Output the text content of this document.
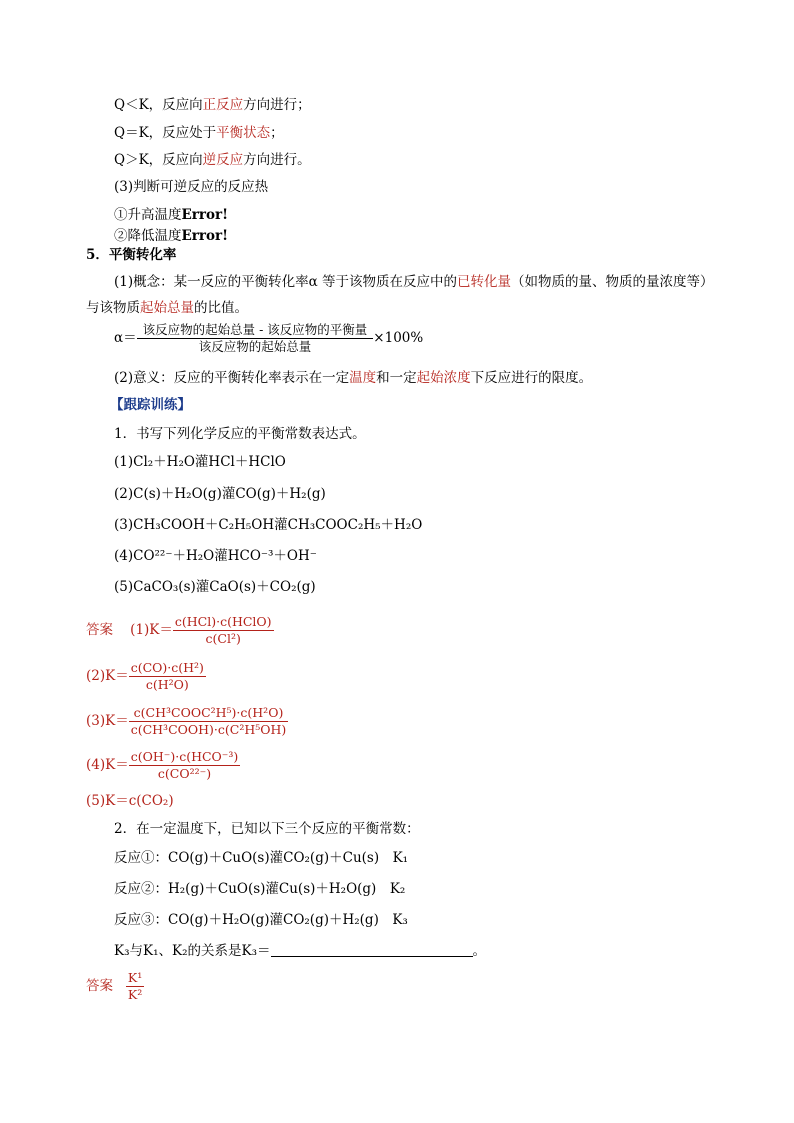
Q＜K，反应向正反应方向进行；
Q＝K，反应处于平衡状态；
Q＞K，反应向逆反应方向进行。
(3)判断可逆反应的反应热
①升高温度Error!
②降低温度Error!
5．平衡转化率
(1)概念：某一反应的平衡转化率α 等于该物质在反应中的已转化量（如物质的量、物质的量浓度等）
与该物质起始总量的比值。
$\alpha= \frac{\text{该反应物的起始总量 - 该反应物的平衡量}}{\text{该反应物的起始总量}} \times 100\%$
(2)意义：反应的平衡转化率表示在一定温度和一定起始浓度下反应进行的限度。
【跟踪训练】
1．书写下列化学反应的平衡常数表达式。
(1)Cl₂＋H₂O灌HCl＋HClO
(2)C(s)＋H₂O(g)灌CO(g)＋H₂(g)
(3)CH₃COOH＋C₂H₅OH灌CH₃COOC₂H₅＋H₂O
(4)CO²²⁻＋H₂O灌HCO⁻³＋OH⁻
(5)CaCO₃(s)灌CaO(s)＋CO₂(g)
答案 $(1)K= \frac{\text{c(HCl)·c(HClO)}}{\text{c(Cl²)}}$
$(2)K= \frac{\text{c(CO)·c(H²)}}{\text{c(H²O)}}$
$(3)K= \frac{\text{c(CH³COOC²H⁵)·c(H²O)}}{\text{c(CH³COOH)·c(C²H⁵OH)}}$
$(4)K= \frac{\text{c(OH⁻)·c(HCO⁻³)}}{\text{c(CO²²⁻)}}$
(5)K＝c(CO₂)
2．在一定温度下，已知以下三个反应的平衡常数：
反应①：CO(g)＋CuO(s)灌CO₂(g)＋Cu(s)　K₁
反应②：H₂(g)＋CuO(s)灌Cu(s)＋H₂O(g)　K₂
反应③：CO(g)＋H₂O(g)灌CO₂(g)＋H₂(g)　K₃
K₃与K₁、K₂的关系是K₃＝	。
答案 $\frac{\text{K¹}}{\text{K²}}$
